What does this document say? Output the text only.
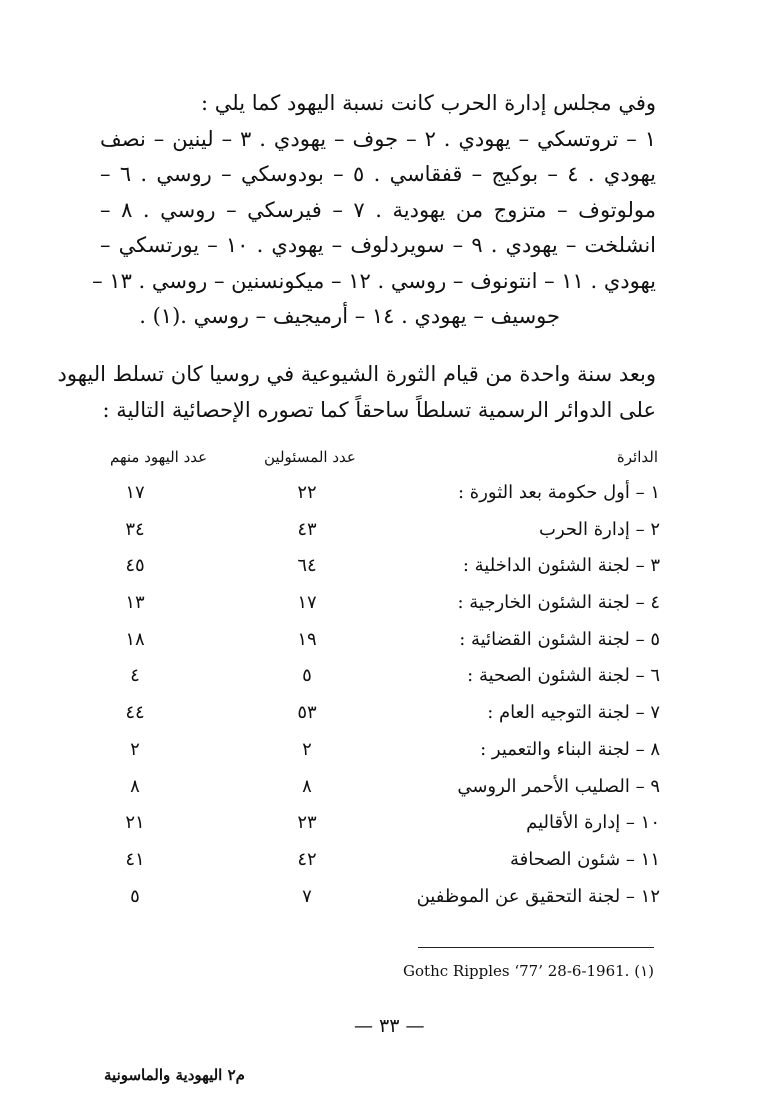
وفي مجلس إدارة الحرب كانت نسبة اليهود كما يلي :
١ – تروتسكي – يهودي . ٢ – جوف – يهودي . ٣ – لينين – نصف
يهودي . ٤ – بوكيج – قفقاسي . ٥ – بودوسكي – روسي . ٦ –
مولوتوف – متزوج من يهودية . ٧ – فيرسكي – روسي . ٨ –
انشلخت – يهودي . ٩ – سويردلوف – يهودي . ١٠ – يورتسكي –
يهودي . ١١ – انتونوف – روسي . ١٢ – ميكونسنين – روسي . ١٣ –
جوسيف – يهودي . ١٤ – أرميجيف – روسي .(١) .
وبعد سنة واحدة من قيام الثورة الشيوعية في روسيا كان تسلط اليهود
على الدوائر الرسمية تسلطاً ساحقاً كما تصوره الإحصائية التالية :
الدائرة
عدد المسئولين
عدد اليهود منهم
١ – أول حكومة بعد الثورة :
٢٢
١٧
٢ – إدارة الحرب
٤٣
٣٤
٣ – لجنة الشئون الداخلية :
٦٤
٤٥
٤ – لجنة الشئون الخارجية :
١٧
١٣
٥ – لجنة الشئون القضائية :
١٩
١٨
٦ – لجنة الشئون الصحية :
٥
٤
٧ – لجنة التوجيه العام :
٥٣
٤٤
٨ – لجنة البناء والتعمير :
٢
٢
٩ – الصليب الأحمر الروسي
٨
٨
١٠ – إدارة الأقاليم
٢٣
٢١
١١ – شئون الصحافة
٤٢
٤١
١٢ – لجنة التحقيق عن الموظفين
٧
٥
Gothc Ripples ‘77’ 28-6-1961. (١)
— ٣٣ —
م٢ اليهودية والماسونية
